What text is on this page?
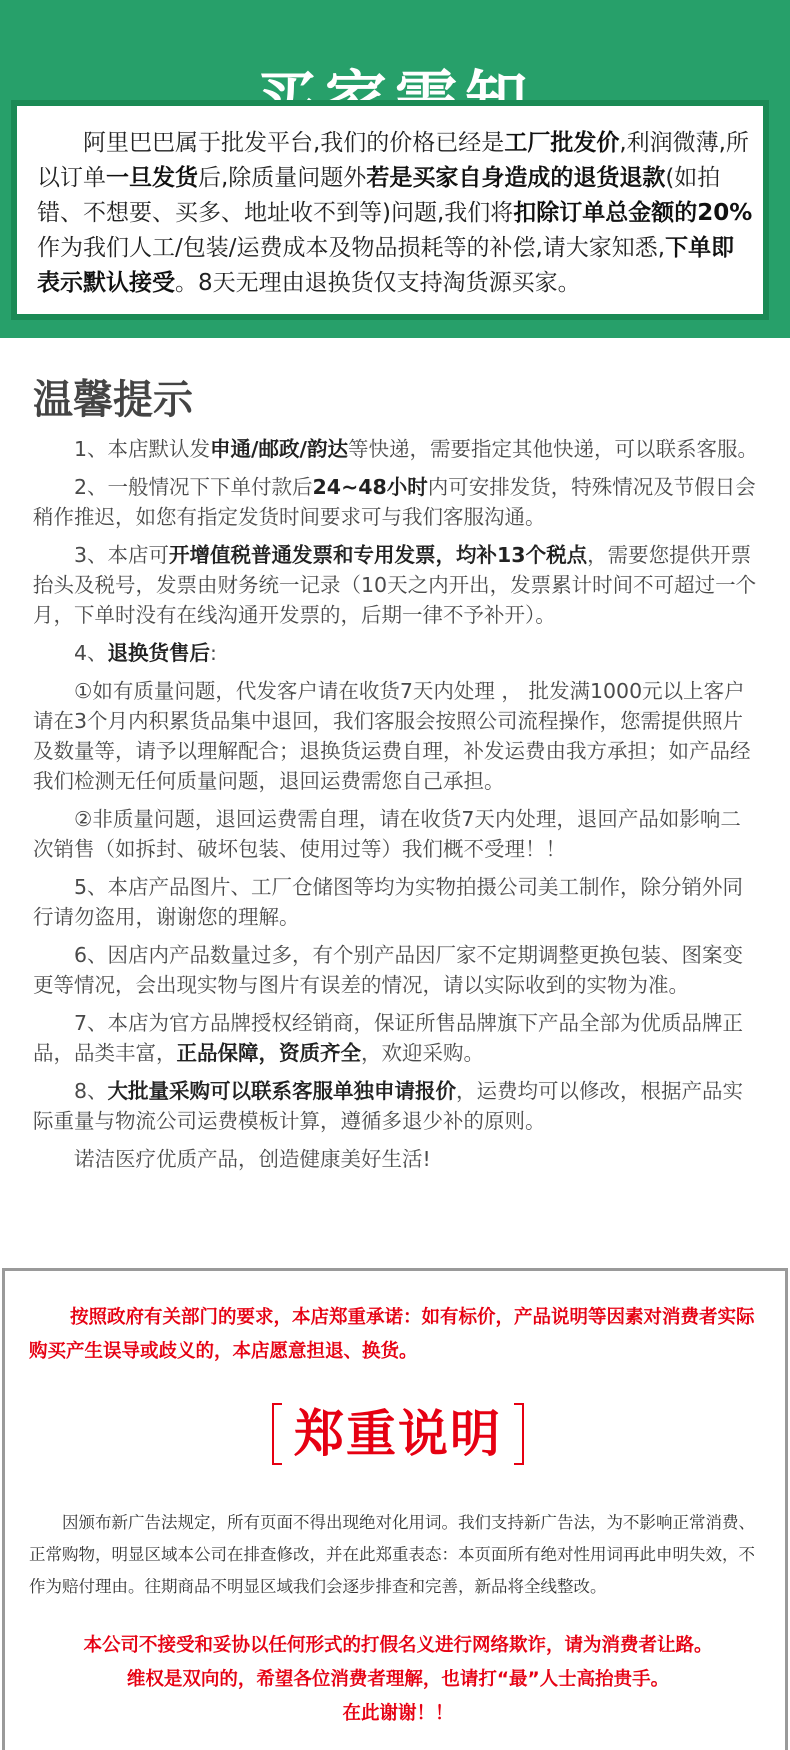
阿里巴巴属于批发平台,我们的价格已经是工厂批发价,利润微薄,所以订单一旦发货后,除质量问题外若是买家自身造成的退货退款(如拍错、不想要、买多、地址收不到等)问题,我们将扣除订单总金额的20%作为我们人工/包装/运费成本及物品损耗等的补偿,请大家知悉,下单即表示默认接受。8天无理由退换货仅支持淘货源买家。

温馨提示

1、本店默认发申通/邮政/韵达等快递，需要指定其他快递，可以联系客服。

2、一般情况下下单付款后24~48小时内可安排发货，特殊情况及节假日会稍作推迟，如您有指定发货时间要求可与我们客服沟通。

3、本店可开增值税普通发票和专用发票，均补13个税点，需要您提供开票抬头及税号，发票由财务统一记录（10天之内开出，发票累计时间不可超过一个月，下单时没有在线沟通开发票的，后期一律不予补开）。

4、退换货售后:

①如有质量问题，代发客户请在收货7天内处理 ， 批发满1000元以上客户请在3个月内积累货品集中退回，我们客服会按照公司流程操作，您需提供照片及数量等，请予以理解配合；退换货运费自理，补发运费由我方承担；如产品经我们检测无任何质量问题，退回运费需您自己承担。

②非质量问题，退回运费需自理，请在收货7天内处理，退回产品如影响二次销售（如拆封、破坏包装、使用过等）我们概不受理！！

5、本店产品图片、工厂仓储图等均为实物拍摄公司美工制作，除分销外同行请勿盗用，谢谢您的理解。

6、因店内产品数量过多，有个别产品因厂家不定期调整更换包装、图案变更等情况，会出现实物与图片有误差的情况，请以实际收到的实物为准。

7、本店为官方品牌授权经销商，保证所售品牌旗下产品全部为优质品牌正品，品类丰富，正品保障，资质齐全，欢迎采购。

8、大批量采购可以联系客服单独申请报价，运费均可以修改，根据产品实际重量与物流公司运费模板计算，遵循多退少补的原则。

诺洁医疗优质产品，创造健康美好生活!

按照政府有关部门的要求，本店郑重承诺：如有标价，产品说明等因素对消费者实际购买产生误导或歧义的，本店愿意担退、换货。

郑重说明

因颁布新广告法规定，所有页面不得出现绝对化用词。我们支持新广告法，为不影响正常消费、正常购物，明显区域本公司在排查修改，并在此郑重表态：本页面所有绝对性用词再此申明失效，不作为赔付理由。往期商品不明显区域我们会逐步排查和完善，新品将全线整改。

本公司不接受和妥协以任何形式的打假名义进行网络欺诈，请为消费者让路。
维权是双向的，希望各位消费者理解，也请打“最”人士高抬贵手。
在此谢谢！！
